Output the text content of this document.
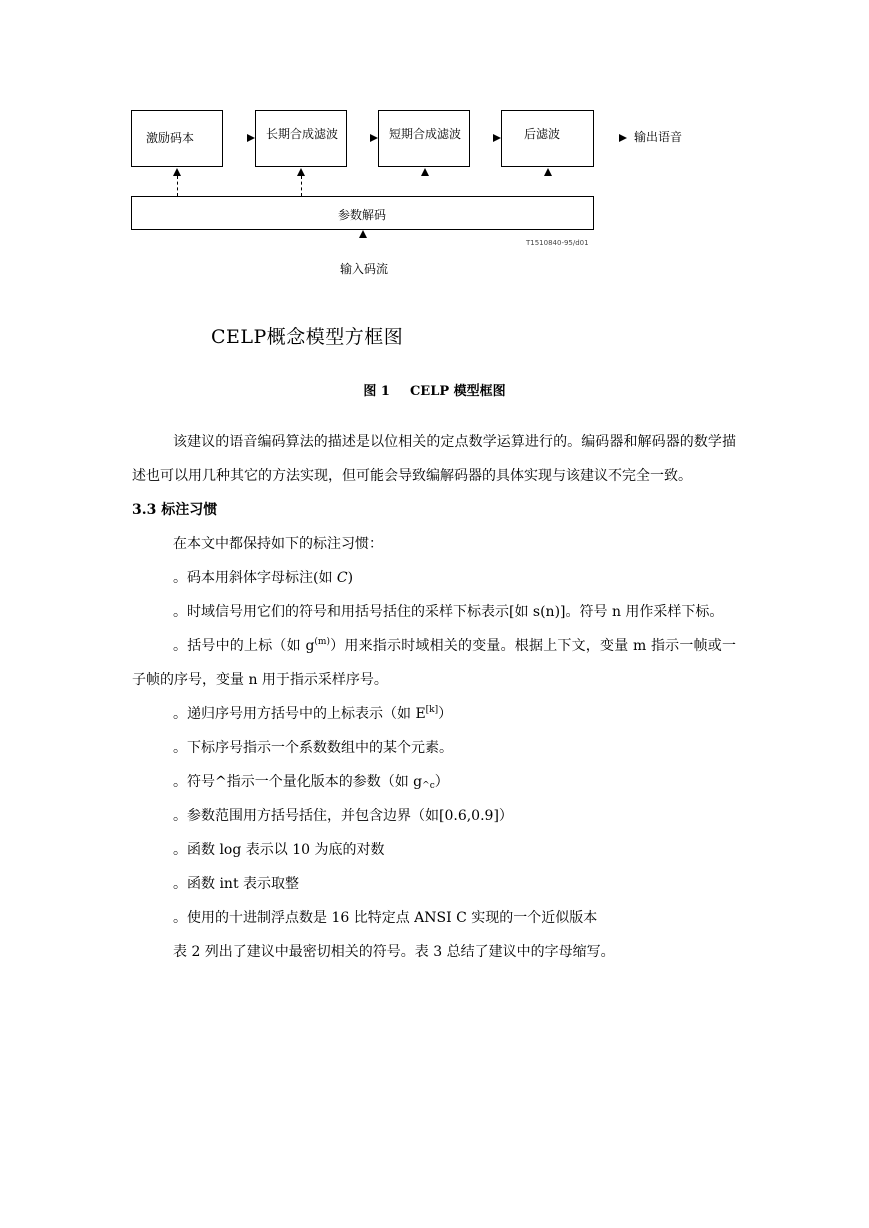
激励码本	长期合成滤波	短期合成滤波	后滤波	输出语音
参数解码
T1510840-95/d01
输入码流
CELP概念模型方框图
图 1 CELP 模型框图

该建议的语音编码算法的描述是以位相关的定点数学运算进行的。编码器和解码器的数学描述也可以用几种其它的方法实现，但可能会导致编解码器的具体实现与该建议不完全一致。

3.3 标注习惯

在本文中都保持如下的标注习惯：

。码本用斜体字母标注(如 C)

。时域信号用它们的符号和用括号括住的采样下标表示[如 s(n)]。符号 n 用作采样下标。

。括号中的上标（如 $g^{(m)}$）用来指示时域相关的变量。根据上下文，变量 m 指示一帧或一子帧的序号，变量 n 用于指示采样序号。

。递归序号用方括号中的上标表示（如 E[k]）

。下标序号指示一个系数数组中的某个元素。

。符号^指示一个量化版本的参数（如 $g_{\^{}c}$）

。参数范围用方括号括住，并包含边界（如[0.6,0.9]）

。函数 log 表示以 10 为底的对数

。函数 int 表示取整

。使用的十进制浮点数是 16 比特定点 ANSI C 实现的一个近似版本

表 2 列出了建议中最密切相关的符号。表 3 总结了建议中的字母缩写。
